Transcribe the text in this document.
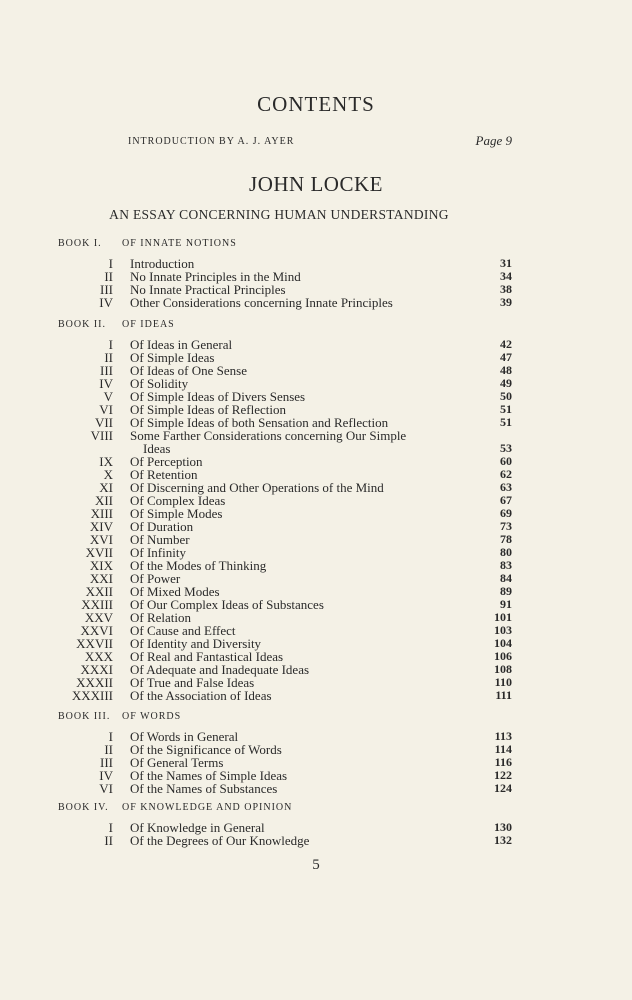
CONTENTS
INTRODUCTION BY A. J. AYER	Page 9
JOHN LOCKE
AN ESSAY CONCERNING HUMAN UNDERSTANDING
BOOK I. OF INNATE NOTIONS
I Introduction	31
II No Innate Principles in the Mind	34
III No Innate Practical Principles	38
IV Other Considerations concerning Innate Principles	39
BOOK II. OF IDEAS
I Of Ideas in General	42
II Of Simple Ideas	47
III Of Ideas of One Sense	48
IV Of Solidity	49
V Of Simple Ideas of Divers Senses	50
VI Of Simple Ideas of Reflection	51
VII Of Simple Ideas of both Sensation and Reflection	51
VIII Some Farther Considerations concerning Our Simple
Ideas	53
IX Of Perception	60
X Of Retention	62
XI Of Discerning and Other Operations of the Mind	63
XII Of Complex Ideas	67
XIII Of Simple Modes	69
XIV Of Duration	73
XVI Of Number	78
XVII Of Infinity	80
XIX Of the Modes of Thinking	83
XXI Of Power	84
XXII Of Mixed Modes	89
XXIII Of Our Complex Ideas of Substances	91
XXV Of Relation	101
XXVI Of Cause and Effect	103
XXVII Of Identity and Diversity	104
XXX Of Real and Fantastical Ideas	106
XXXI Of Adequate and Inadequate Ideas	108
XXXII Of True and False Ideas	110
XXXIII Of the Association of Ideas	111
BOOK III. OF WORDS
I Of Words in General	113
II Of the Significance of Words	114
III Of General Terms	116
IV Of the Names of Simple Ideas	122
VI Of the Names of Substances	124
BOOK IV. OF KNOWLEDGE AND OPINION
I Of Knowledge in General	130
II Of the Degrees of Our Knowledge	132
5
